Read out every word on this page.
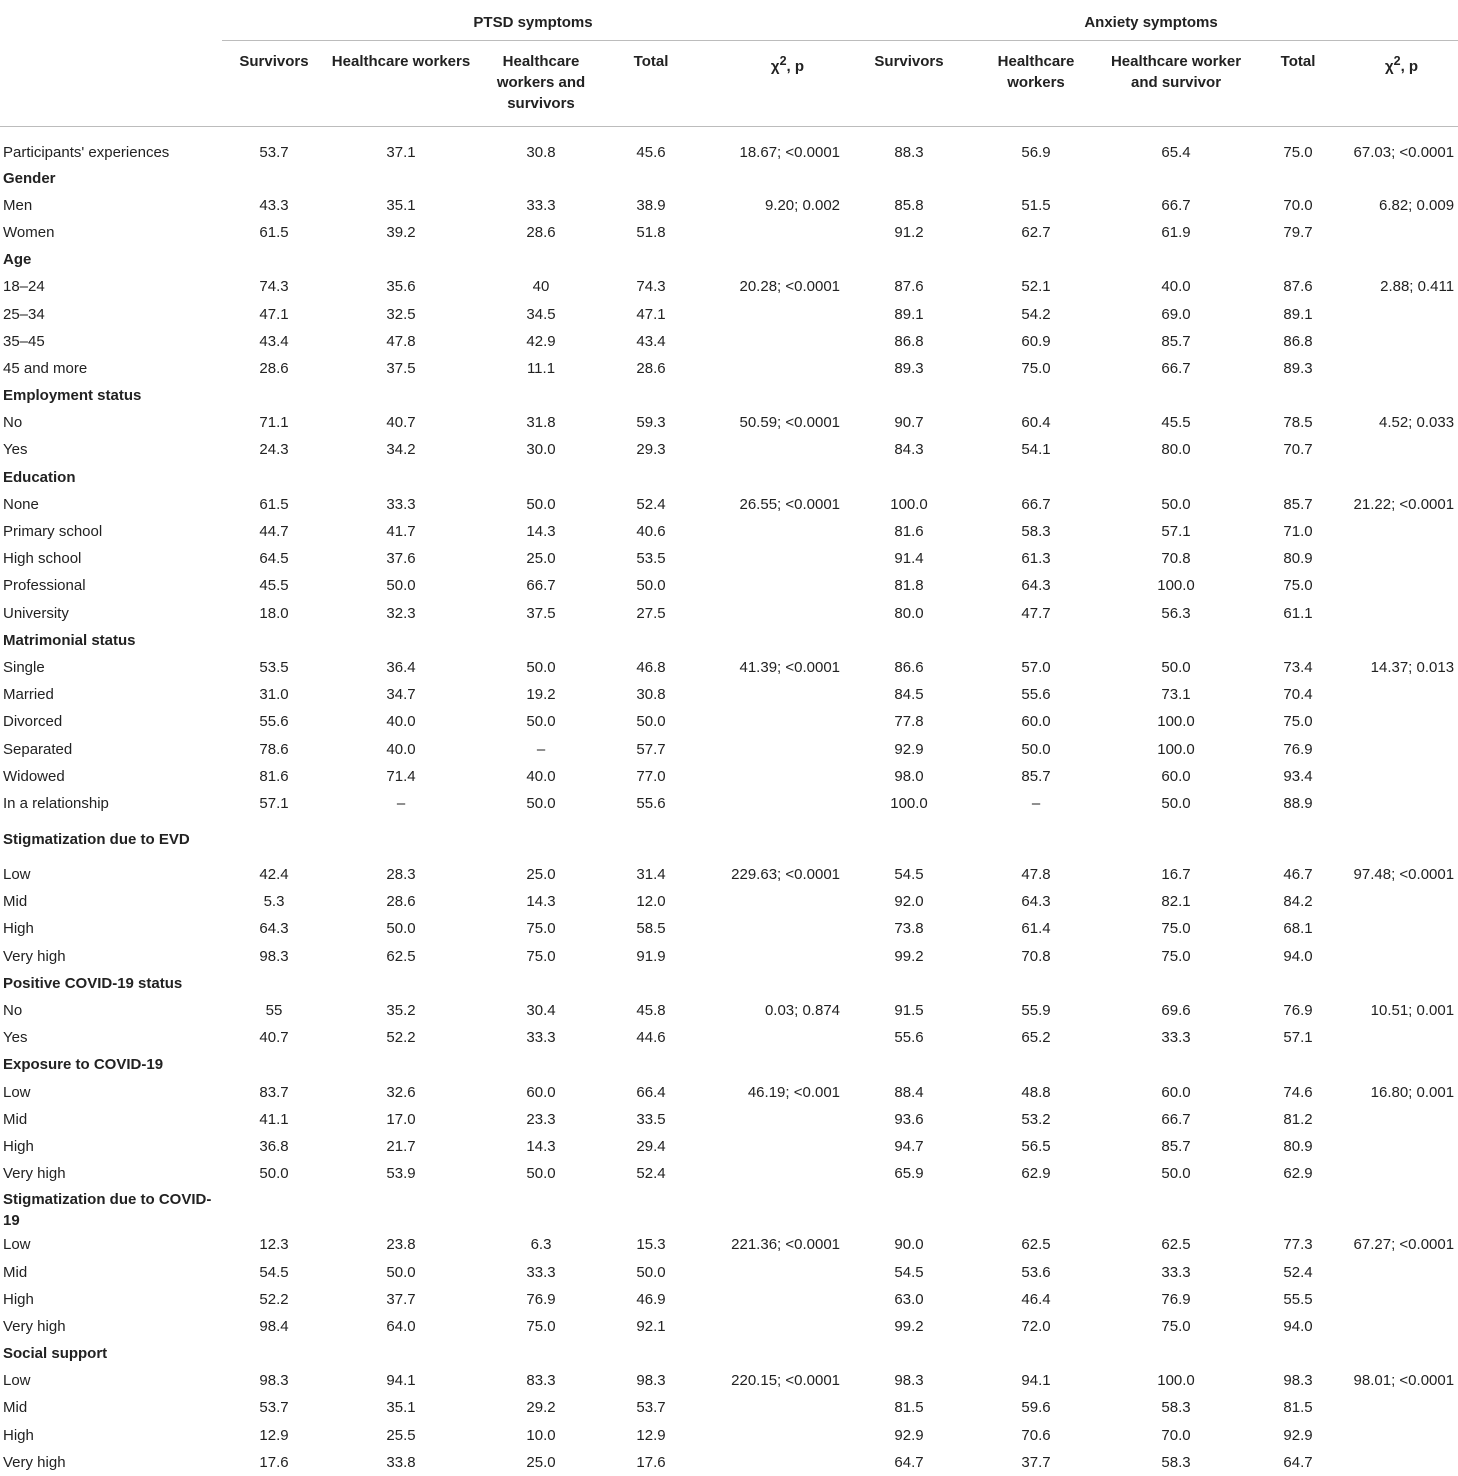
	PTSD symptoms					Anxiety symptoms				
	Survivors	Healthcare workers	Healthcare workers and survivors	Total	$\chi^2$, p	Survivors	Healthcare workers	Healthcare worker and survivor	Total	$\chi^2$, p
Participants' experiences	53.7	37.1	30.8	45.6	18.67; <0.0001	88.3	56.9	65.4	75.0	67.03; <0.0001
Gender										
Men	43.3	35.1	33.3	38.9	9.20; 0.002	85.8	51.5	66.7	70.0	6.82; 0.009
Women	61.5	39.2	28.6	51.8		91.2	62.7	61.9	79.7	
Age										
18–24	74.3	35.6	40	74.3	20.28; <0.0001	87.6	52.1	40.0	87.6	2.88; 0.411
25–34	47.1	32.5	34.5	47.1		89.1	54.2	69.0	89.1	
35–45	43.4	47.8	42.9	43.4		86.8	60.9	85.7	86.8	
45 and more	28.6	37.5	11.1	28.6		89.3	75.0	66.7	89.3	
Employment status										
No	71.1	40.7	31.8	59.3	50.59; <0.0001	90.7	60.4	45.5	78.5	4.52; 0.033
Yes	24.3	34.2	30.0	29.3		84.3	54.1	80.0	70.7	
Education										
None	61.5	33.3	50.0	52.4	26.55; <0.0001	100.0	66.7	50.0	85.7	21.22; <0.0001
Primary school	44.7	41.7	14.3	40.6		81.6	58.3	57.1	71.0	
High school	64.5	37.6	25.0	53.5		91.4	61.3	70.8	80.9	
Professional	45.5	50.0	66.7	50.0		81.8	64.3	100.0	75.0	
University	18.0	32.3	37.5	27.5		80.0	47.7	56.3	61.1	
Matrimonial status										
Single	53.5	36.4	50.0	46.8	41.39; <0.0001	86.6	57.0	50.0	73.4	14.37; 0.013
Married	31.0	34.7	19.2	30.8		84.5	55.6	73.1	70.4	
Divorced	55.6	40.0	50.0	50.0		77.8	60.0	100.0	75.0	
Separated	78.6	40.0	–	57.7		92.9	50.0	100.0	76.9	
Widowed	81.6	71.4	40.0	77.0		98.0	85.7	60.0	93.4	
In a relationship	57.1	–	50.0	55.6		100.0	–	50.0	88.9	
Stigmatization due to EVD										
Low	42.4	28.3	25.0	31.4	229.63; <0.0001	54.5	47.8	16.7	46.7	97.48; <0.0001
Mid	5.3	28.6	14.3	12.0		92.0	64.3	82.1	84.2	
High	64.3	50.0	75.0	58.5		73.8	61.4	75.0	68.1	
Very high	98.3	62.5	75.0	91.9		99.2	70.8	75.0	94.0	
Positive COVID-19 status										
No	55	35.2	30.4	45.8	0.03; 0.874	91.5	55.9	69.6	76.9	10.51; 0.001
Yes	40.7	52.2	33.3	44.6		55.6	65.2	33.3	57.1	
Exposure to COVID-19										
Low	83.7	32.6	60.0	66.4	46.19; <0.001	88.4	48.8	60.0	74.6	16.80; 0.001
Mid	41.1	17.0	23.3	33.5		93.6	53.2	66.7	81.2	
High	36.8	21.7	14.3	29.4		94.7	56.5	85.7	80.9	
Very high	50.0	53.9	50.0	52.4		65.9	62.9	50.0	62.9	
Stigmatization due to COVID-19										
Low	12.3	23.8	6.3	15.3	221.36; <0.0001	90.0	62.5	62.5	77.3	67.27; <0.0001
Mid	54.5	50.0	33.3	50.0		54.5	53.6	33.3	52.4	
High	52.2	37.7	76.9	46.9		63.0	46.4	76.9	55.5	
Very high	98.4	64.0	75.0	92.1		99.2	72.0	75.0	94.0	
Social support										
Low	98.3	94.1	83.3	98.3	220.15; <0.0001	98.3	94.1	100.0	98.3	98.01; <0.0001
Mid	53.7	35.1	29.2	53.7		81.5	59.6	58.3	81.5	
High	12.9	25.5	10.0	12.9		92.9	70.6	70.0	92.9	
Very high	17.6	33.8	25.0	17.6		64.7	37.7	58.3	64.7	
